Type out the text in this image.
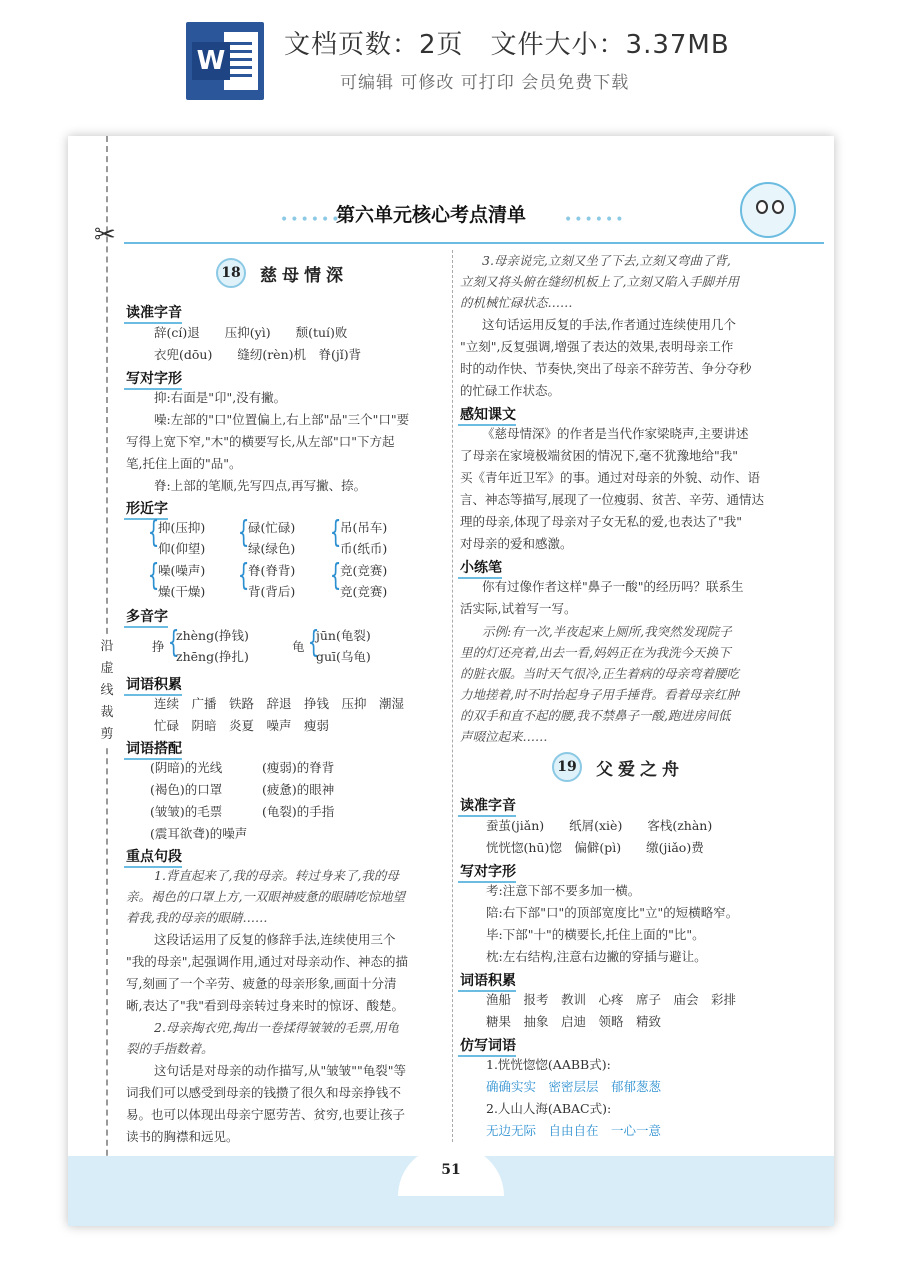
W
文档页数：2页　文件大小：3.37MB
可编辑 可修改 可打印 会员免费下载
✂
沿虚线裁剪
••••••
第六单元核心考点清单	••••••
18	慈母情深
读准字音
辞(cí)退　　压抑(yì)　　颓(tuí)败
衣兜(dōu)　　缝纫(rèn)机　脊(jǐ)背
写对字形
抑:右面是"卬",没有撇。
噪:左部的"口"位置偏上,右上部"品"三个"口"要
写得上宽下窄,"木"的横要写长,从左部"口"下方起
笔,托住上面的"品"。
脊:上部的笔顺,先写四点,再写撇、捺。
形近字
{	{	{
抑(压抑)	碌(忙碌)	吊(吊车)
仰(仰望)	绿(绿色)	币(纸币)
{	{	{
噪(噪声)	脊(脊背)	竞(竞赛)
燥(干燥)	背(背后)	竞(竞赛)
多音字
挣 {
zhèng(挣钱)
zhēng(挣扎)
龟 {
jūn(龟裂)
guī(乌龟)
词语积累
连续　广播　铁路　辞退　挣钱　压抑　潮湿
忙碌　阴暗　炎夏　噪声　瘦弱
词语搭配
(阴暗)的光线	(瘦弱)的脊背
(褐色)的口罩	(疲惫)的眼神
(皱皱)的毛票	(龟裂)的手指
(震耳欲聋)的噪声
重点句段
1.背直起来了,我的母亲。转过身来了,我的母
亲。褐色的口罩上方,一双眼神疲惫的眼睛吃惊地望
着我,我的母亲的眼睛……
这段话运用了反复的修辞手法,连续使用三个
"我的母亲",起强调作用,通过对母亲动作、神态的描
写,刻画了一个辛劳、疲惫的母亲形象,画面十分清
晰,表达了"我"看到母亲转过身来时的惊讶、酸楚。
2.母亲掏衣兜,掏出一卷揉得皱皱的毛票,用龟
裂的手指数着。
这句话是对母亲的动作描写,从"皱皱""龟裂"等
词我们可以感受到母亲的钱攒了很久和母亲挣钱不
易。也可以体现出母亲宁愿劳苦、贫穷,也要让孩子
读书的胸襟和远见。
3.母亲说完,立刻又坐了下去,立刻又弯曲了背,
立刻又将头俯在缝纫机板上了,立刻又陷入手脚并用
的机械忙碌状态……
这句话运用反复的手法,作者通过连续使用几个
"立刻",反复强调,增强了表达的效果,表明母亲工作
时的动作快、节奏快,突出了母亲不辞劳苦、争分夺秒
的忙碌工作状态。
感知课文
《慈母情深》的作者是当代作家梁晓声,主要讲述
了母亲在家境极端贫困的情况下,毫不犹豫地给"我"
买《青年近卫军》的事。通过对母亲的外貌、动作、语
言、神态等描写,展现了一位瘦弱、贫苦、辛劳、通情达
理的母亲,体现了母亲对子女无私的爱,也表达了"我"
对母亲的爱和感激。
小练笔
你有过像作者这样"鼻子一酸"的经历吗？联系生
活实际,试着写一写。
示例:有一次,半夜起来上厕所,我突然发现院子
里的灯还亮着,出去一看,妈妈正在为我洗今天换下
的脏衣服。当时天气很冷,正生着病的母亲弯着腰吃
力地搓着,时不时抬起身子用手捶背。看着母亲红肿
的双手和直不起的腰,我不禁鼻子一酸,跑进房间低
声啜泣起来……
19	父爱之舟
读准字音
蚕茧(jiǎn)　　纸屑(xiè)　　客栈(zhàn)
恍恍惚(hū)惚　偏僻(pì)　　缴(jiǎo)费
写对字形
考:注意下部不要多加一横。
陪:右下部"口"的顶部宽度比"立"的短横略窄。
毕:下部"十"的横要长,托住上面的"比"。
枕:左右结构,注意右边撇的穿插与避让。
词语积累
渔船　报考　教训　心疼　席子　庙会　彩排
糖果　抽象　启迪　领略　精致
仿写词语
1.恍恍惚惚(AABB式):
确确实实　密密层层　郁郁葱葱
2.人山人海(ABAC式):
无边无际　自由自在　一心一意
51
